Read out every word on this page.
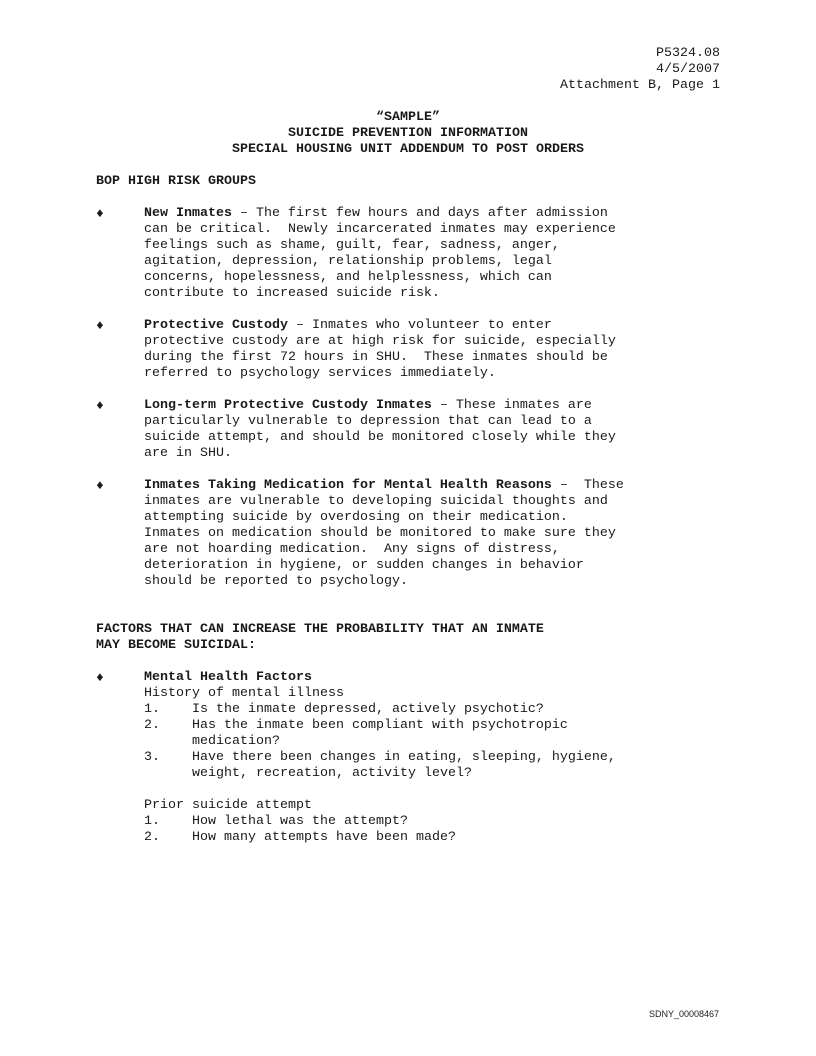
P5324.08
4/5/2007
Attachment B, Page 1
“SAMPLE”
SUICIDE PREVENTION INFORMATION
SPECIAL HOUSING UNIT ADDENDUM TO POST ORDERS
BOP HIGH RISK GROUPS
♦	New Inmates – The first few hours and days after admission
can be critical.  Newly incarcerated inmates may experience
feelings such as shame, guilt, fear, sadness, anger,
agitation, depression, relationship problems, legal
concerns, hopelessness, and helplessness, which can
contribute to increased suicide risk.
♦	Protective Custody – Inmates who volunteer to enter
protective custody are at high risk for suicide, especially
during the first 72 hours in SHU.  These inmates should be
referred to psychology services immediately.
♦	Long-term Protective Custody Inmates – These inmates are
particularly vulnerable to depression that can lead to a
suicide attempt, and should be monitored closely while they
are in SHU.
♦	Inmates Taking Medication for Mental Health Reasons –  These
inmates are vulnerable to developing suicidal thoughts and
attempting suicide by overdosing on their medication.
Inmates on medication should be monitored to make sure they
are not hoarding medication.  Any signs of distress,
deterioration in hygiene, or sudden changes in behavior
should be reported to psychology.
FACTORS THAT CAN INCREASE THE PROBABILITY THAT AN INMATE
MAY BECOME SUICIDAL:
♦	Mental Health Factors
History of mental illness
1.	Is the inmate depressed, actively psychotic?
2.	Has the inmate been compliant with psychotropic
medication?
3.	Have there been changes in eating, sleeping, hygiene,
weight, recreation, activity level?
Prior suicide attempt
1.	How lethal was the attempt?
2.	How many attempts have been made?
SDNY_00008467
